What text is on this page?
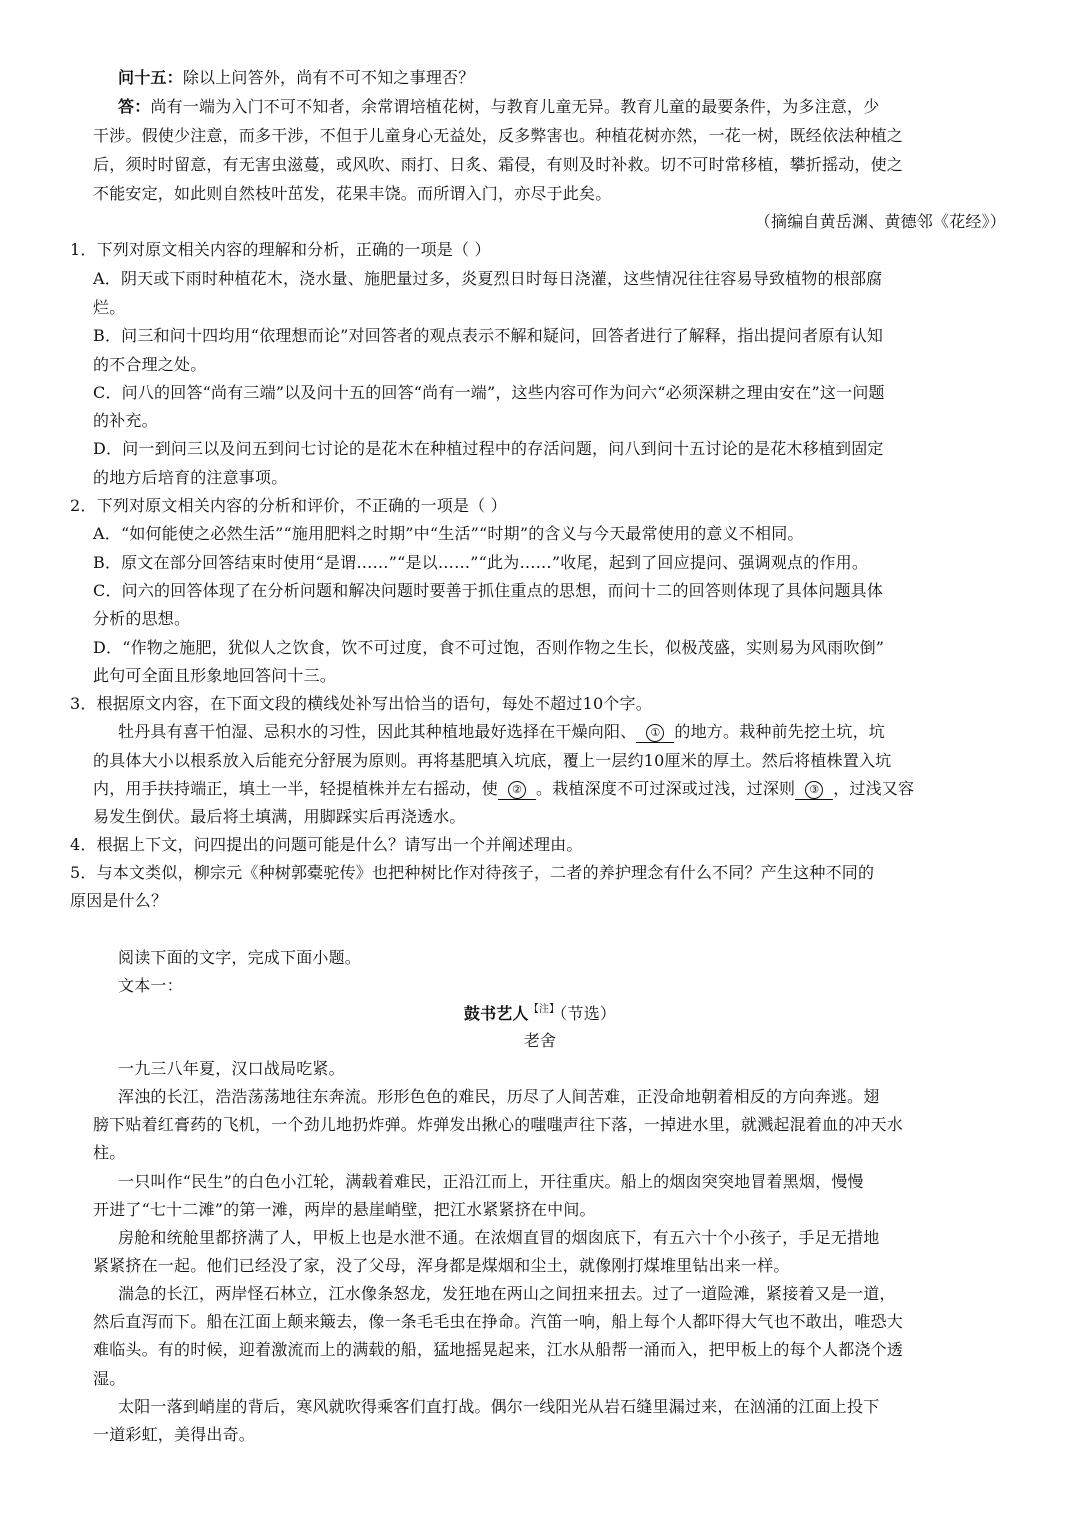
问十五：除以上问答外，尚有不可不知之事理否？
答：尚有一端为入门不可不知者，余常谓培植花树，与教育儿童无异。教育儿童的最要条件，为多注意，少
干涉。假使少注意，而多干涉，不但于儿童身心无益处，反多弊害也。种植花树亦然，一花一树，既经依法种植之
后，须时时留意，有无害虫滋蔓，或风吹、雨打、日炙、霜侵，有则及时补救。切不可时常移植，攀折摇动，使之
不能安定，如此则自然枝叶茁发，花果丰饶。而所谓入门，亦尽于此矣。
（摘编自黄岳渊、黄德邻《花经》）
1．下列对原文相关内容的理解和分析，正确的一项是（ ）
A．阴天或下雨时种植花木，浇水量、施肥量过多，炎夏烈日时每日浇灌，这些情况往往容易导致植物的根部腐
烂。
B．问三和问十四均用“依理想而论”对回答者的观点表示不解和疑问，回答者进行了解释，指出提问者原有认知
的不合理之处。
C．问八的回答“尚有三端”以及问十五的回答“尚有一端”，这些内容可作为问六“必须深耕之理由安在”这一问题
的补充。
D．问一到问三以及问五到问七讨论的是花木在种植过程中的存活问题，问八到问十五讨论的是花木移植到固定
的地方后培育的注意事项。
2．下列对原文相关内容的分析和评价，不正确的一项是（ ）
A．“如何能使之必然生活”“施用肥料之时期”中“生活”“时期”的含义与今天最常使用的意义不相同。
B．原文在部分回答结束时使用“是谓……”“是以……”“此为……”收尾，起到了回应提问、强调观点的作用。
C．问六的回答体现了在分析问题和解决问题时要善于抓住重点的思想，而问十二的回答则体现了具体问题具体
分析的思想。
D．“作物之施肥，犹似人之饮食，饮不可过度，食不可过饱，否则作物之生长，似极茂盛，实则易为风雨吹倒”
此句可全面且形象地回答问十三。
3．根据原文内容，在下面文段的横线处补写出恰当的语句，每处不超过10个字。
牡丹具有喜干怕湿、忌积水的习性，因此其种植地最好选择在干燥向阳、 ① 的地方。栽种前先挖土坑，坑
的具体大小以根系放入后能充分舒展为原则。再将基肥填入坑底，覆上一层约10厘米的厚土。然后将植株置入坑
内，用手扶持端正，填土一半，轻提植株并左右摇动，使 ② 。栽植深度不可过深或过浅，过深则 ③ ，过浅又容
易发生倒伏。最后将土填满，用脚踩实后再浇透水。
4．根据上下文，问四提出的问题可能是什么？请写出一个并阐述理由。
5．与本文类似，柳宗元《种树郭橐驼传》也把种树比作对待孩子，二者的养护理念有什么不同？产生这种不同的
原因是什么？
阅读下面的文字，完成下面小题。
文本一：
鼓书艺人$^{【注】}$（节选）
老舍
一九三八年夏，汉口战局吃紧。
浑浊的长江，浩浩荡荡地往东奔流。形形色色的难民，历尽了人间苦难，正没命地朝着相反的方向奔逃。翅
膀下贴着红膏药的飞机，一个劲儿地扔炸弹。炸弹发出揪心的嗤嗤声往下落，一掉进水里，就溅起混着血的冲天水
柱。
一只叫作“民生”的白色小江轮，满载着难民，正沿江而上，开往重庆。船上的烟囱突突地冒着黑烟，慢慢
开进了“七十二滩”的第一滩，两岸的悬崖峭壁，把江水紧紧挤在中间。
房舱和统舱里都挤满了人，甲板上也是水泄不通。在浓烟直冒的烟囱底下，有五六十个小孩子，手足无措地
紧紧挤在一起。他们已经没了家，没了父母，浑身都是煤烟和尘土，就像刚打煤堆里钻出来一样。
湍急的长江，两岸怪石林立，江水像条怒龙，发狂地在两山之间扭来扭去。过了一道险滩，紧接着又是一道，
然后直泻而下。船在江面上颠来簸去，像一条毛毛虫在挣命。汽笛一响，船上每个人都吓得大气也不敢出，唯恐大
难临头。有的时候，迎着激流而上的满载的船，猛地摇晃起来，江水从船帮一涌而入，把甲板上的每个人都浇个透
湿。
太阳一落到峭崖的背后，寒风就吹得乘客们直打战。偶尔一线阳光从岩石缝里漏过来，在汹涌的江面上投下
一道彩虹，美得出奇。
